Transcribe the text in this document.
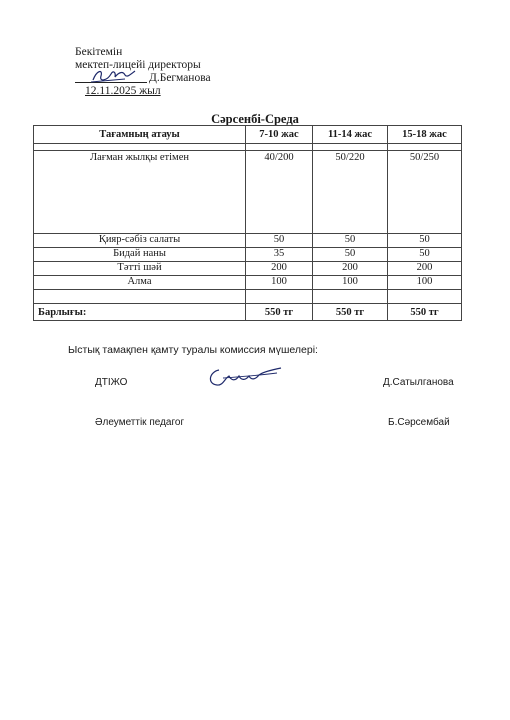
Бекітемін
мектеп-лицейі директоры
Д.Бегманова
12.11.2025 жыл
Сәрсенбі-Среда
Тағамның атауы	7-10 жас	11-14 жас	15-18 жас

Лағман жылқы етімен	40/200	50/220	50/250
Қияр-сәбіз салаты	50	50	50
Бидай наны	35	50	50
Тәтті шәй	200	200	200
Алма	100	100	100

Барлығы:	550 тг	550 тг	550 тг
Ыстық тамақпен қамту туралы комиссия мүшелері:
ДТІЖО	Д.Сатылганова
Әлеуметтік педагог	Б.Сәрсембай
